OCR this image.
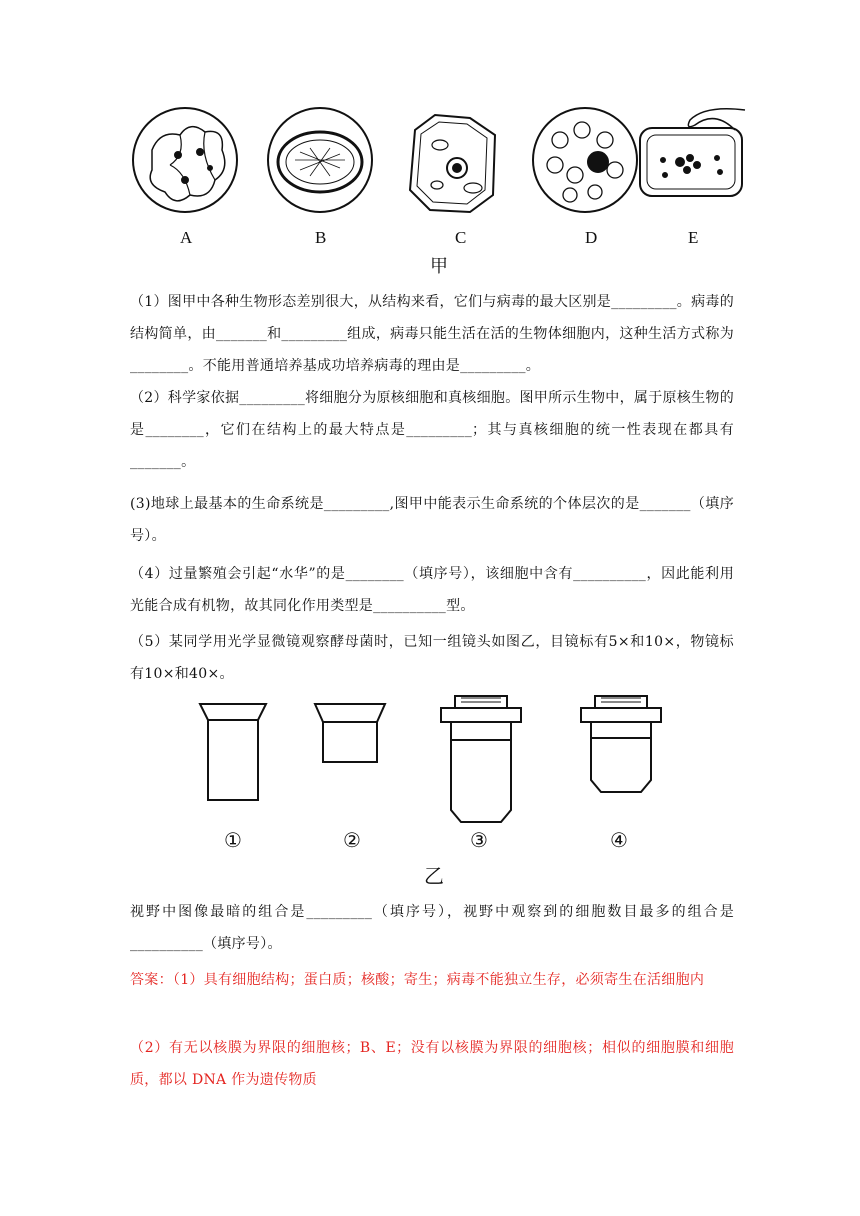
A	B	C	D	E
甲
（1）图甲中各种生物形态差别很大，从结构来看，它们与病毒的最大区别是_________。病毒的结构简单，由_______和_________组成，病毒只能生活在活的生物体细胞内，这种生活方式称为________。不能用普通培养基成功培养病毒的理由是_________。
（2）科学家依据_________将细胞分为原核细胞和真核细胞。图甲所示生物中，属于原核生物的是________，它们在结构上的最大特点是_________；其与真核细胞的统一性表现在都具有_______。
(3)地球上最基本的生命系统是_________,图甲中能表示生命系统的个体层次的是_______（填序号）。
（4）过量繁殖会引起“水华”的是________（填序号），该细胞中含有__________，因此能利用光能合成有机物，故其同化作用类型是__________型。
（5）某同学用光学显微镜观察酵母菌时，已知一组镜头如图乙，目镜标有5×和10×，物镜标有10×和40×。
①	②	③	④
乙
视野中图像最暗的组合是_________（填序号），视野中观察到的细胞数目最多的组合是__________（填序号）。
答案：（1）具有细胞结构；蛋白质；核酸；寄生；病毒不能独立生存，必须寄生在活细胞内
（2）有无以核膜为界限的细胞核；B、E；没有以核膜为界限的细胞核；相似的细胞膜和细胞质，都以 DNA 作为遗传物质
